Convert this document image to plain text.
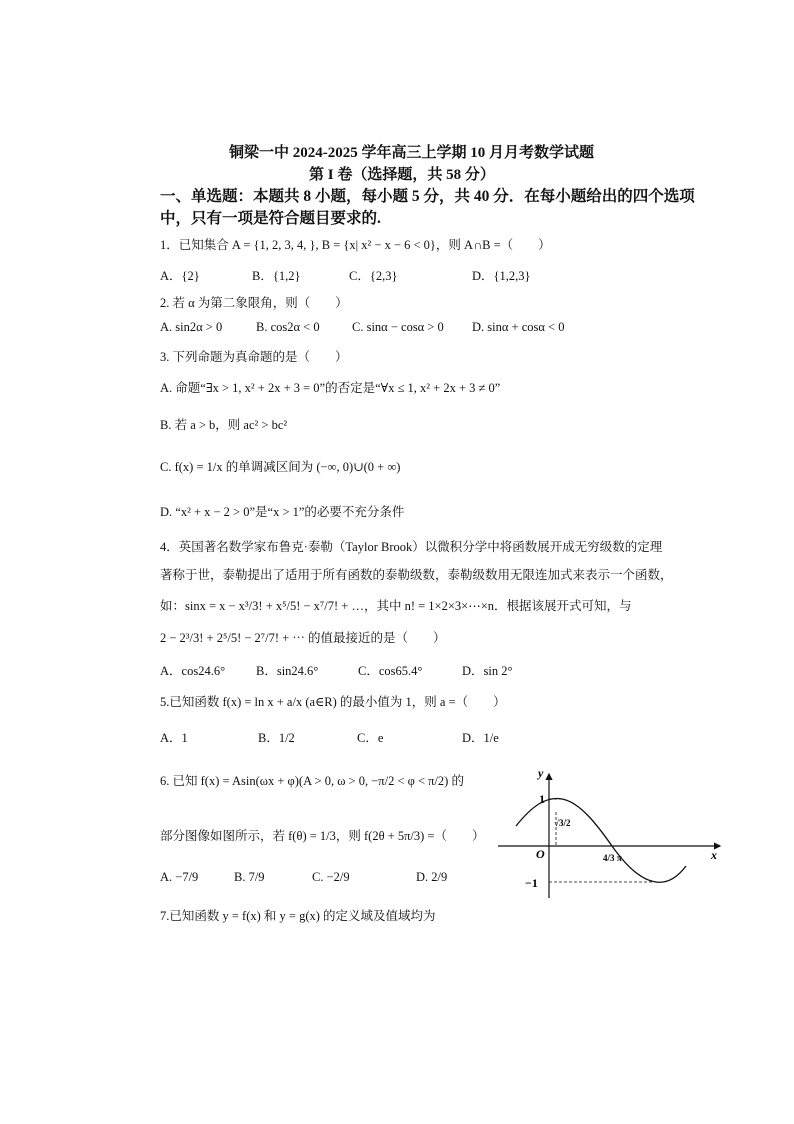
铜梁一中 2024-2025 学年高三上学期 10 月月考数学试题
第 I 卷（选择题，共 58 分）
一、单选题：本题共 8 小题，每小题 5 分，共 40 分．在每小题给出的四个选项
中，只有一项是符合题目要求的.
1．已知集合 A = {1, 2, 3, 4, }, B = {x| x² − x − 6 < 0}，则 A∩B =（　　）
A．{2}	B．{1,2}	C．{2,3}	D．{1,2,3}
2. 若 α 为第二象限角，则（　　）
A. sin2α > 0	B. cos2α < 0	C. sinα − cosα > 0 D. sinα + cosα < 0
3. 下列命题为真命题的是（　　）
A. 命题“∃x > 1, x² + 2x + 3 = 0”的否定是“∀x ≤ 1, x² + 2x + 3 ≠ 0”
B. 若 a > b，则 ac² > bc²
C. f(x) = 1/x 的单调减区间为 (−∞, 0)∪(0 + ∞)
D. “x² + x − 2 > 0”是“x > 1”的必要不充分条件
4．英国著名数学家布鲁克·泰勒（Taylor Brook）以微积分学中将函数展开成无穷级数的定理
著称于世，泰勒提出了适用于所有函数的泰勒级数，泰勒级数用无限连加式来表示一个函数，
如：sinx = x − x³/3! + x⁵/5! − x⁷/7! + …，其中 n! = 1×2×3×⋯×n．根据该展开式可知，与
2 − 2³/3! + 2⁵/5! − 2⁷/7! + ⋯ 的值最接近的是（　　）
A．cos24.6° B．sin24.6°	C．cos65.4°	D．sin 2°
5.已知函数 f(x) = ln x + a/x (a∈R) 的最小值为 1，则 a =（　　）
A．1	B．1/2	C．e	D．1/e
6. 已知 f(x) = Asin(ωx + φ)(A > 0, ω > 0, −π/2 < φ < π/2) 的
部分图像如图所示，若 f(θ) = 1/3，则 f(2θ + 5π/3) =（　　）
A. −7/9	B. 7/9	C. −2/9	D. 2/9
y
x
O
1
√3/2
−1
4/3 π
7.已知函数 y = f(x) 和 y = g(x) 的定义域及值域均为
